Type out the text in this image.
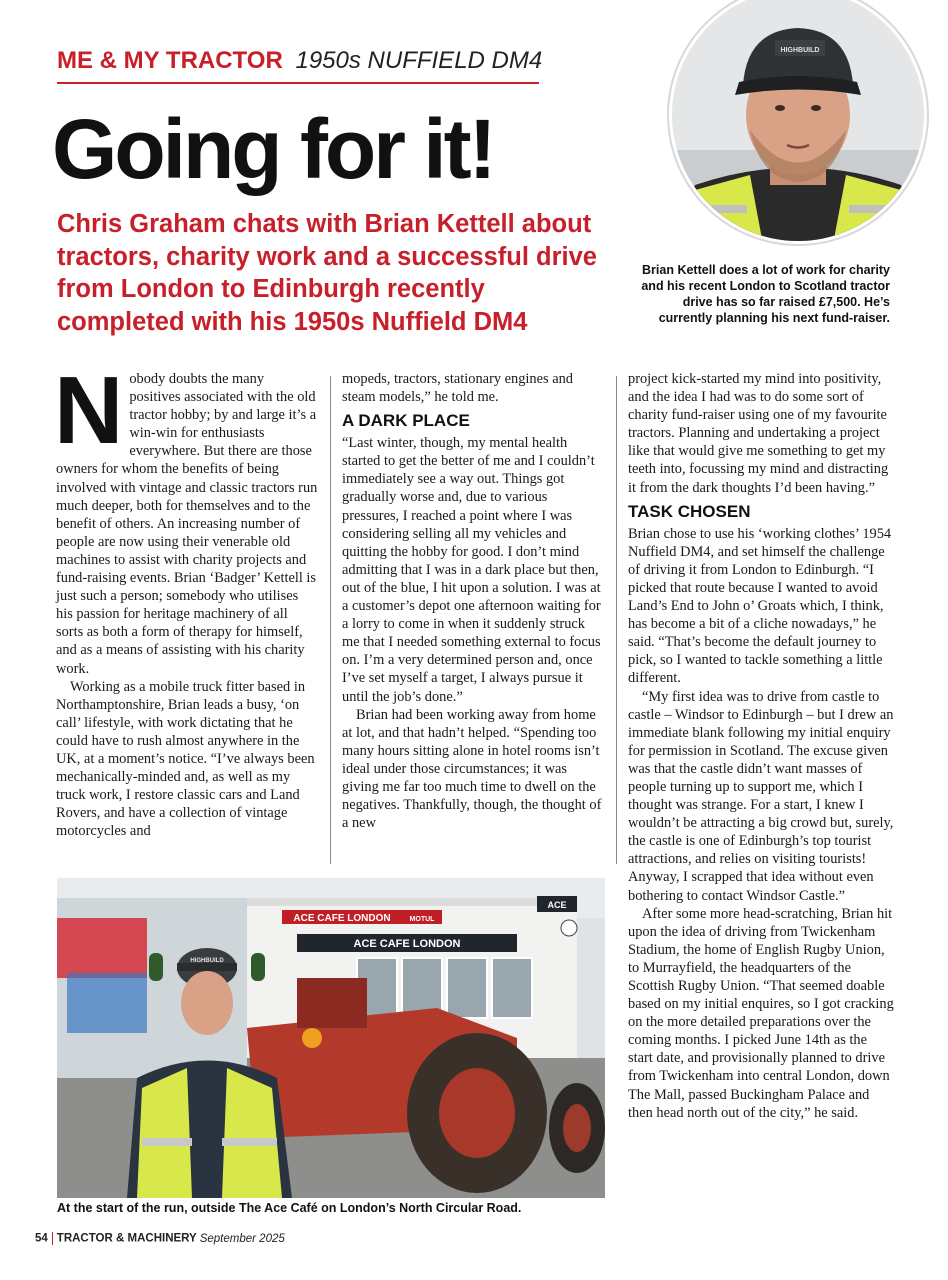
ME & MY TRACTOR 1950s NUFFIELD DM4
Going for it!
Chris Graham chats with Brian Kettell about tractors, charity work and a successful drive from London to Edinburgh recently completed with his 1950s Nuffield DM4
HIGHBUILD
Brian Kettell does a lot of work for charity and his recent London to Scotland tractor drive has so far raised £7,500. He’s currently planning his next fund-raiser.

Nobody doubts the many positives associated with the old tractor hobby; by and large it’s a win-win for enthusiasts everywhere. But there are those owners for whom the benefits of being involved with vintage and classic tractors run much deeper, both for themselves and to the benefit of others. An increasing number of people are now using their venerable old machines to assist with charity projects and fund-raising events. Brian ‘Badger’ Kettell is just such a person; somebody who utilises his passion for heritage machinery of all sorts as both a form of therapy for himself, and as a means of assisting with his charity work.

Working as a mobile truck fitter based in Northamptonshire, Brian leads a busy, ‘on call’ lifestyle, with work dictating that he could have to rush almost anywhere in the UK, at a moment’s notice. “I’ve always been mechanically-minded and, as well as my truck work, I restore classic cars and Land Rovers, and have a collection of vintage motorcycles and

mopeds, tractors, stationary engines and steam models,” he told me.

A DARK PLACE

“Last winter, though, my mental health started to get the better of me and I couldn’t immediately see a way out. Things got gradually worse and, due to various pressures, I reached a point where I was considering selling all my vehicles and quitting the hobby for good. I don’t mind admitting that I was in a dark place but then, out of the blue, I hit upon a solution. I was at a customer’s depot one afternoon waiting for a lorry to come in when it suddenly struck me that I needed something external to focus on. I’m a very determined person and, once I’ve set myself a target, I always pursue it until the job’s done.”

Brian had been working away from home at lot, and that hadn’t helped. “Spending too many hours sitting alone in hotel rooms isn’t ideal under those circumstances; it was giving me far too much time to dwell on the negatives. Thankfully, though, the thought of a new

project kick-started my mind into positivity, and the idea I had was to do some sort of charity fund-raiser using one of my favourite tractors. Planning and undertaking a project like that would give me something to get my teeth into, focussing my mind and distracting it from the dark thoughts I’d been having.”

TASK CHOSEN

Brian chose to use his ‘working clothes’ 1954 Nuffield DM4, and set himself the challenge of driving it from London to Edinburgh. “I picked that route because I wanted to avoid Land’s End to John o’ Groats which, I think, has become a bit of a cliche nowadays,” he said. “That’s become the default journey to pick, so I wanted to tackle something a little different.

“My first idea was to drive from castle to castle – Windsor to Edinburgh – but I drew an immediate blank following my initial enquiry for permission in Scotland. The excuse given was that the castle didn’t want masses of people turning up to support me, which I thought was strange. For a start, I knew I wouldn’t be attracting a big crowd but, surely, the castle is one of Edinburgh’s top tourist attractions, and relies on visiting tourists! Anyway, I scrapped that idea without even bothering to contact Windsor Castle.”

After some more head-scratching, Brian hit upon the idea of driving from Twickenham Stadium, the home of English Rugby Union, to Murrayfield, the headquarters of the Scottish Rugby Union. “That seemed doable based on my initial enquires, so I got cracking on the more detailed preparations over the coming months. I picked June 14th as the start date, and provisionally planned to drive from Twickenham into central London, down The Mall, passed Buckingham Palace and then head north out of the city,” he said.

ACE CAFE LONDON	MOTUL
ACE CAFE LONDON
ACE
HIGHBUILD
At the start of the run, outside The Ace Café on London’s North Circular Road.
54 TRACTOR & MACHINERY September 2025
